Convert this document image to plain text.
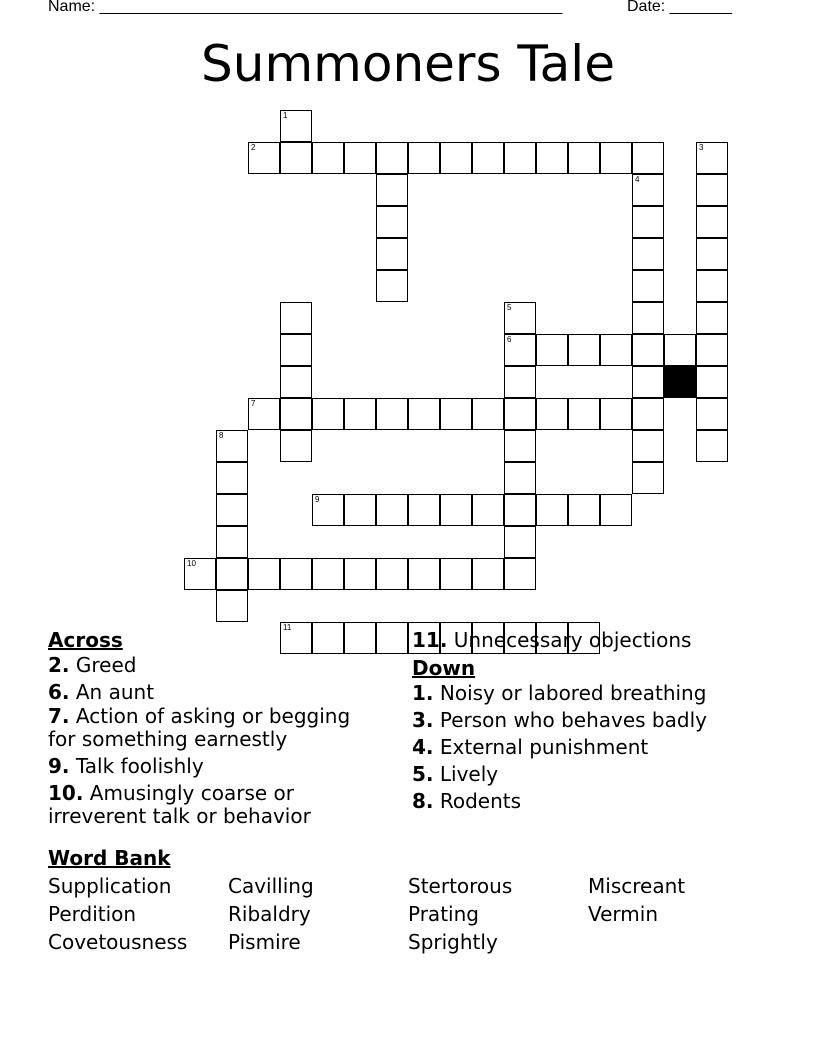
Name: ____________________________________________________	Date: _______
Summoners Tale
1
2	3
4
5
6
7
8
9
10
11
Across
2. Greed
6. An aunt
7. Action of asking or begging for something earnestly
9. Talk foolishly
10. Amusingly coarse or irreverent talk or behavior
11. Unnecessary objections
Down
1. Noisy or labored breathing
3. Person who behaves badly
4. External punishment
5. Lively
8. Rodents
Word Bank
Supplication	Cavilling	Stertorous	Miscreant
Perdition	Ribaldry	Prating	Vermin
Covetousness Pismire	Sprightly
